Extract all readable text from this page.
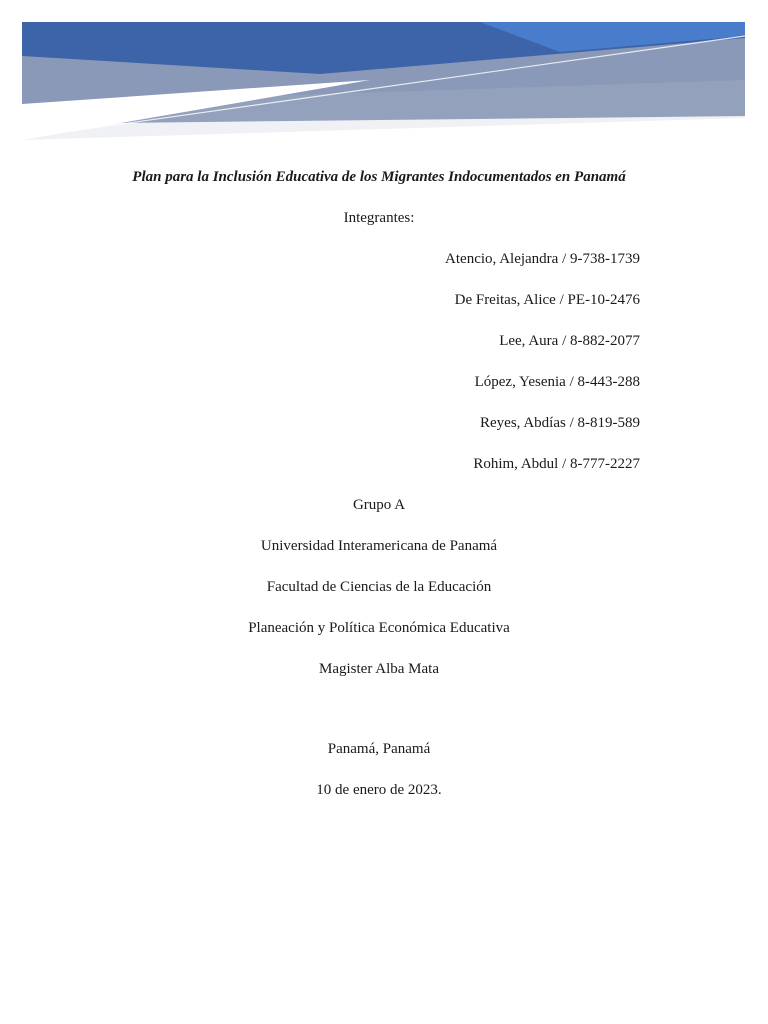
Plan para la Inclusión Educativa de los Migrantes Indocumentados en Panamá
Integrantes:
Atencio, Alejandra / 9-738-1739
De Freitas, Alice / PE-10-2476
Lee, Aura / 8-882-2077
López, Yesenia / 8-443-288
Reyes, Abdías / 8-819-589
Rohim, Abdul / 8-777-2227
Grupo A
Universidad Interamericana de Panamá
Facultad de Ciencias de la Educación
Planeación y Política Económica Educativa
Magister Alba Mata
Panamá, Panamá
10 de enero de 2023.
